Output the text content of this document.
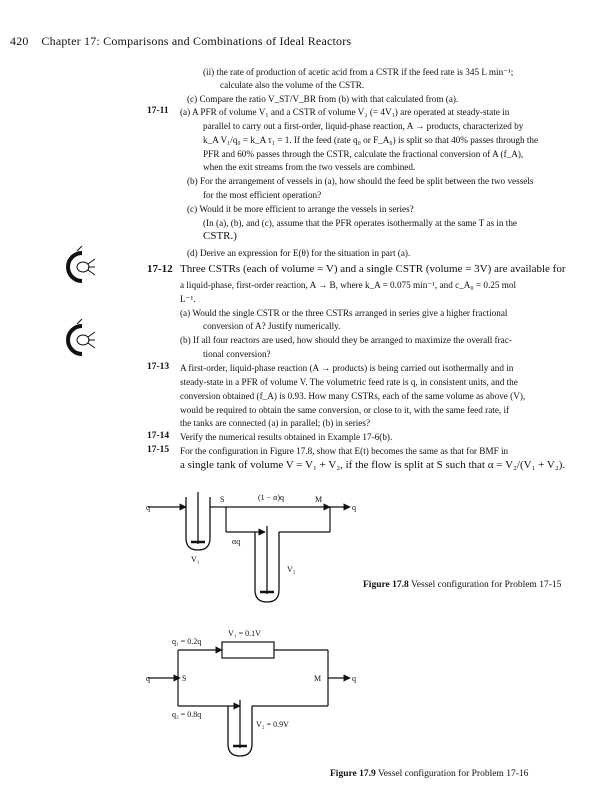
420 Chapter 17: Comparisons and Combinations of Ideal Reactors
(ii) the rate of production of acetic acid from a CSTR if the feed rate is 345 L min⁻¹;
calculate also the volume of the CSTR.
(c) Compare the ratio V_ST/V_BR from (b) with that calculated from (a).
17-11 (a) A PFR of volume V₁ and a CSTR of volume V₂ (= 4V₁) are operated at steady-state in
parallel to carry out a first-order, liquid-phase reaction, A → products, characterized by
k_A V₁/q₀ = k_A τ₁ = 1. If the feed (rate q₀ or F_A₀) is split so that 40% passes through the
PFR and 60% passes through the CSTR, calculate the fractional conversion of A (f_A),
when the exit streams from the two vessels are combined.
(b) For the arrangement of vessels in (a), how should the feed be split between the two vessels
for the most efficient operation?
(c) Would it be more efficient to arrange the vessels in series?
(In (a), (b), and (c), assume that the PFR operates isothermally at the same T as in the
CSTR.)
(d) Derive an expression for E(θ) for the situation in part (a).
17-12 Three CSTRs (each of volume = V) and a single CSTR (volume = 3V) are available for
a liquid-phase, first-order reaction, A → B, where k_A = 0.075 min⁻¹, and c_A₀ = 0.25 mol
L⁻¹.
(a) Would the single CSTR or the three CSTRs arranged in series give a higher fractional
conversion of A? Justify numerically.
(b) If all four reactors are used, how should they be arranged to maximize the overall frac-
tional conversion?
17-13 A first-order, liquid-phase reaction (A → products) is being carried out isothermally and in
steady-state in a PFR of volume V. The volumetric feed rate is q, in consistent units, and the
conversion obtained (f_A) is 0.93. How many CSTRs, each of the same volume as above (V),
would be required to obtain the same conversion, or close to it, with the same feed rate, if
the tanks are connected (a) in parallel; (b) in series?
17-14 Verify the numerical results obtained in Example 17-6(b).
17-15 For the configuration in Figure 17.8, show that E(t) becomes the same as that for BMF in
a single tank of volume V = V₁ + V₂, if the flow is split at S such that α = V₂/(V₁ + V₂).
q
V₁
S	(1 − α)q	M
q
αq
V₂
Figure 17.8 Vessel configuration for Problem 17-15
q	S
q₁ = 0.2q
V₁ = 0.1V
M	q
q₂ = 0.8q
V₂ = 0.9V
Figure 17.9 Vessel configuration for Problem 17-16
